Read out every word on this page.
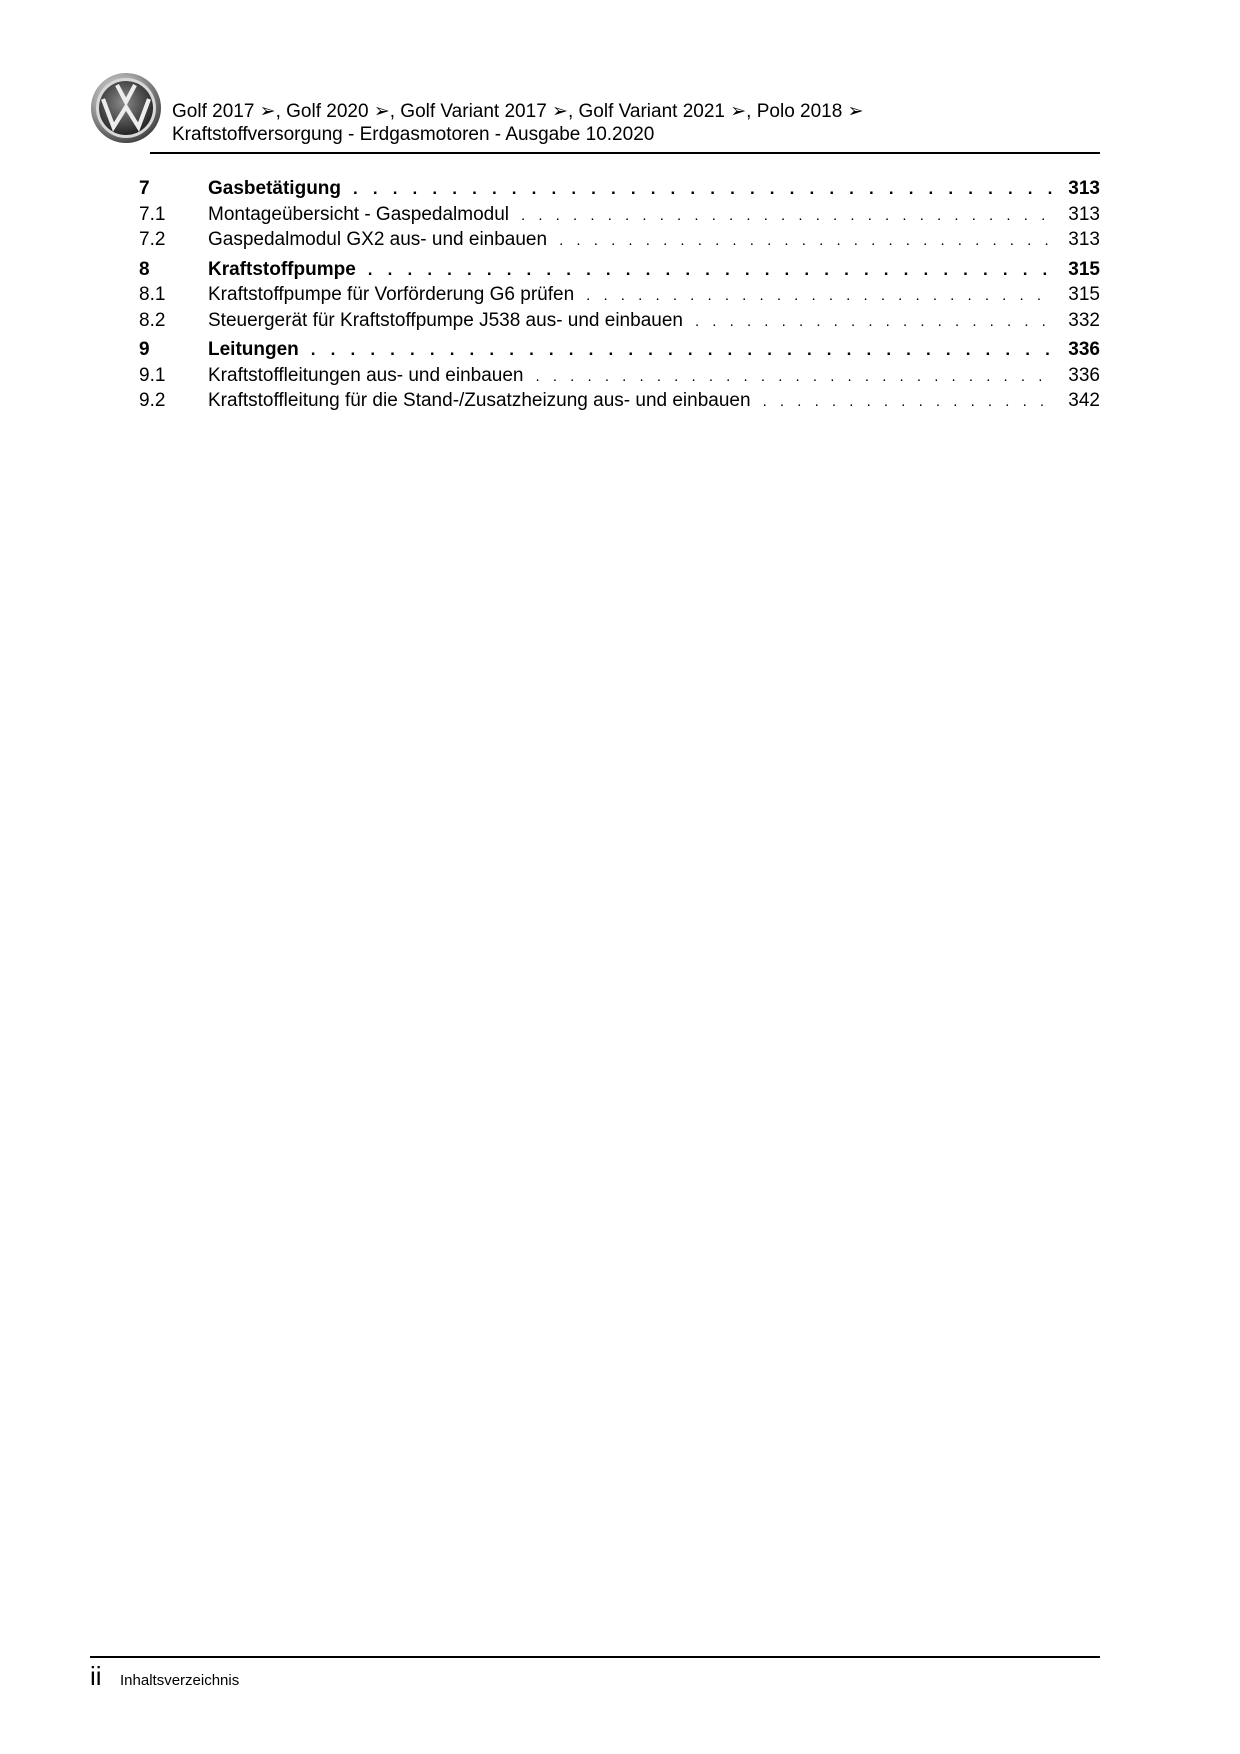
Golf 2017 ➢, Golf 2020 ➢, Golf Variant 2017 ➢, Golf Variant 2021 ➢, Polo 2018 ➢
Kraftstoffversorgung - Erdgasmotoren - Ausgabe 10.2020
7	Gasbetätigung . . .	313
7.1	Montageübersicht - Gaspedalmodul . . .	313
7.2	Gaspedalmodul GX2 aus- und einbauen . . .	313
8	Kraftstoffpumpe . . .	315
8.1	Kraftstoffpumpe für Vorförderung G6 prüfen . . .	315
8.2	Steuergerät für Kraftstoffpumpe J538 aus- und einbauen . . .	332
9	Leitungen . . .	336
9.1	Kraftstoffleitungen aus- und einbauen . . .	336
9.2	Kraftstoffleitung für die Stand-/Zusatzheizung aus- und einbauen . . .	342
ii Inhaltsverzeichnis
